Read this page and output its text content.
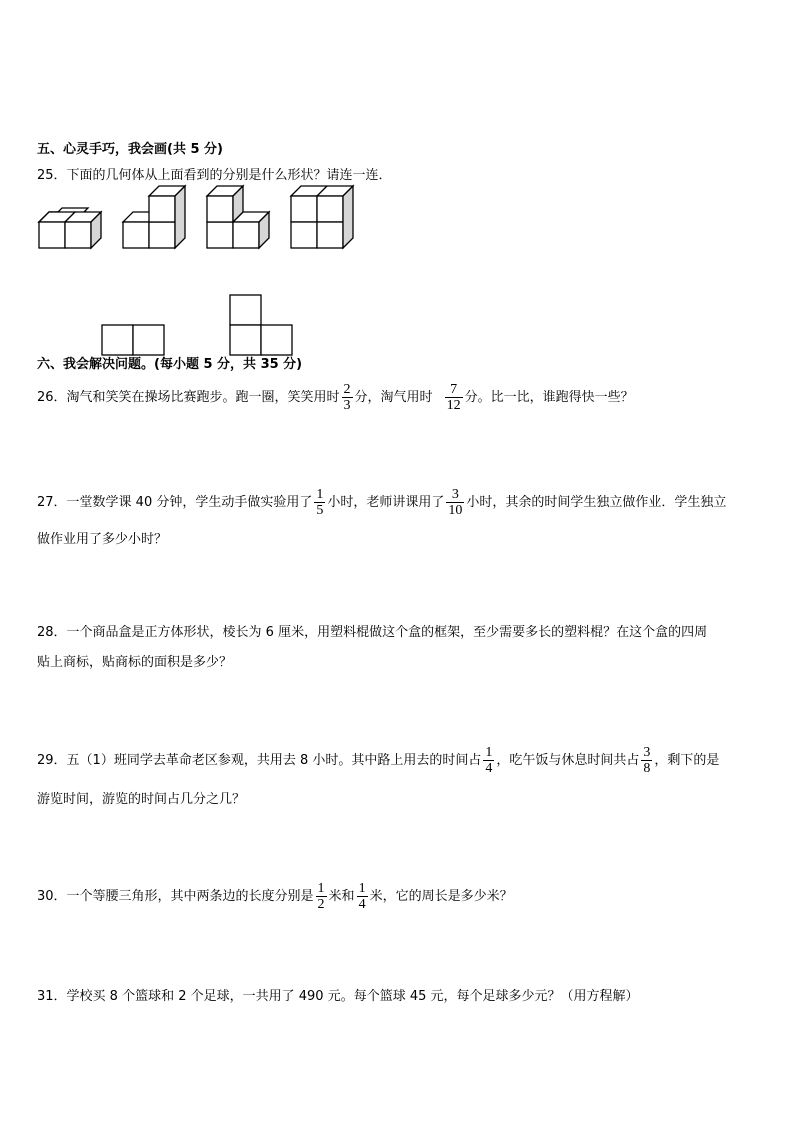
五、心灵手巧，我会画(共 5 分)
25．下面的几何体从上面看到的分别是什么形状？请连一连．
六、我会解决问题。(每小题 5 分，共 35 分)
26．淘气和笑笑在操场比赛跑步。跑一圈，笑笑用时 $\frac{2}{3}$ 分，淘气用时 $\frac{7}{12}$ 分。比一比，谁跑得快一些？
27．一堂数学课 40 分钟，学生动手做实验用了 $\frac{1}{5}$ 小时，老师讲课用了 $\frac{3}{10}$ 小时，其余的时间学生独立做作业．学生独立
做作业用了多少小时？
28．一个商品盒是正方体形状，棱长为 6 厘米，用塑料棍做这个盒的框架，至少需要多长的塑料棍？在这个盒的四周
贴上商标，贴商标的面积是多少？
29．五（1）班同学去革命老区参观，共用去 8 小时。其中路上用去的时间占 $\frac{1}{4}$ ，吃午饭与休息时间共占 $\frac{3}{8}$ ，剩下的是
游览时间，游览的时间占几分之几？
30．一个等腰三角形，其中两条边的长度分别是 $\frac{1}{2}$ 米和 $\frac{1}{4}$ 米，它的周长是多少米？
31．学校买 8 个篮球和 2 个足球，一共用了 490 元。每个篮球 45 元，每个足球多少元？（用方程解）
